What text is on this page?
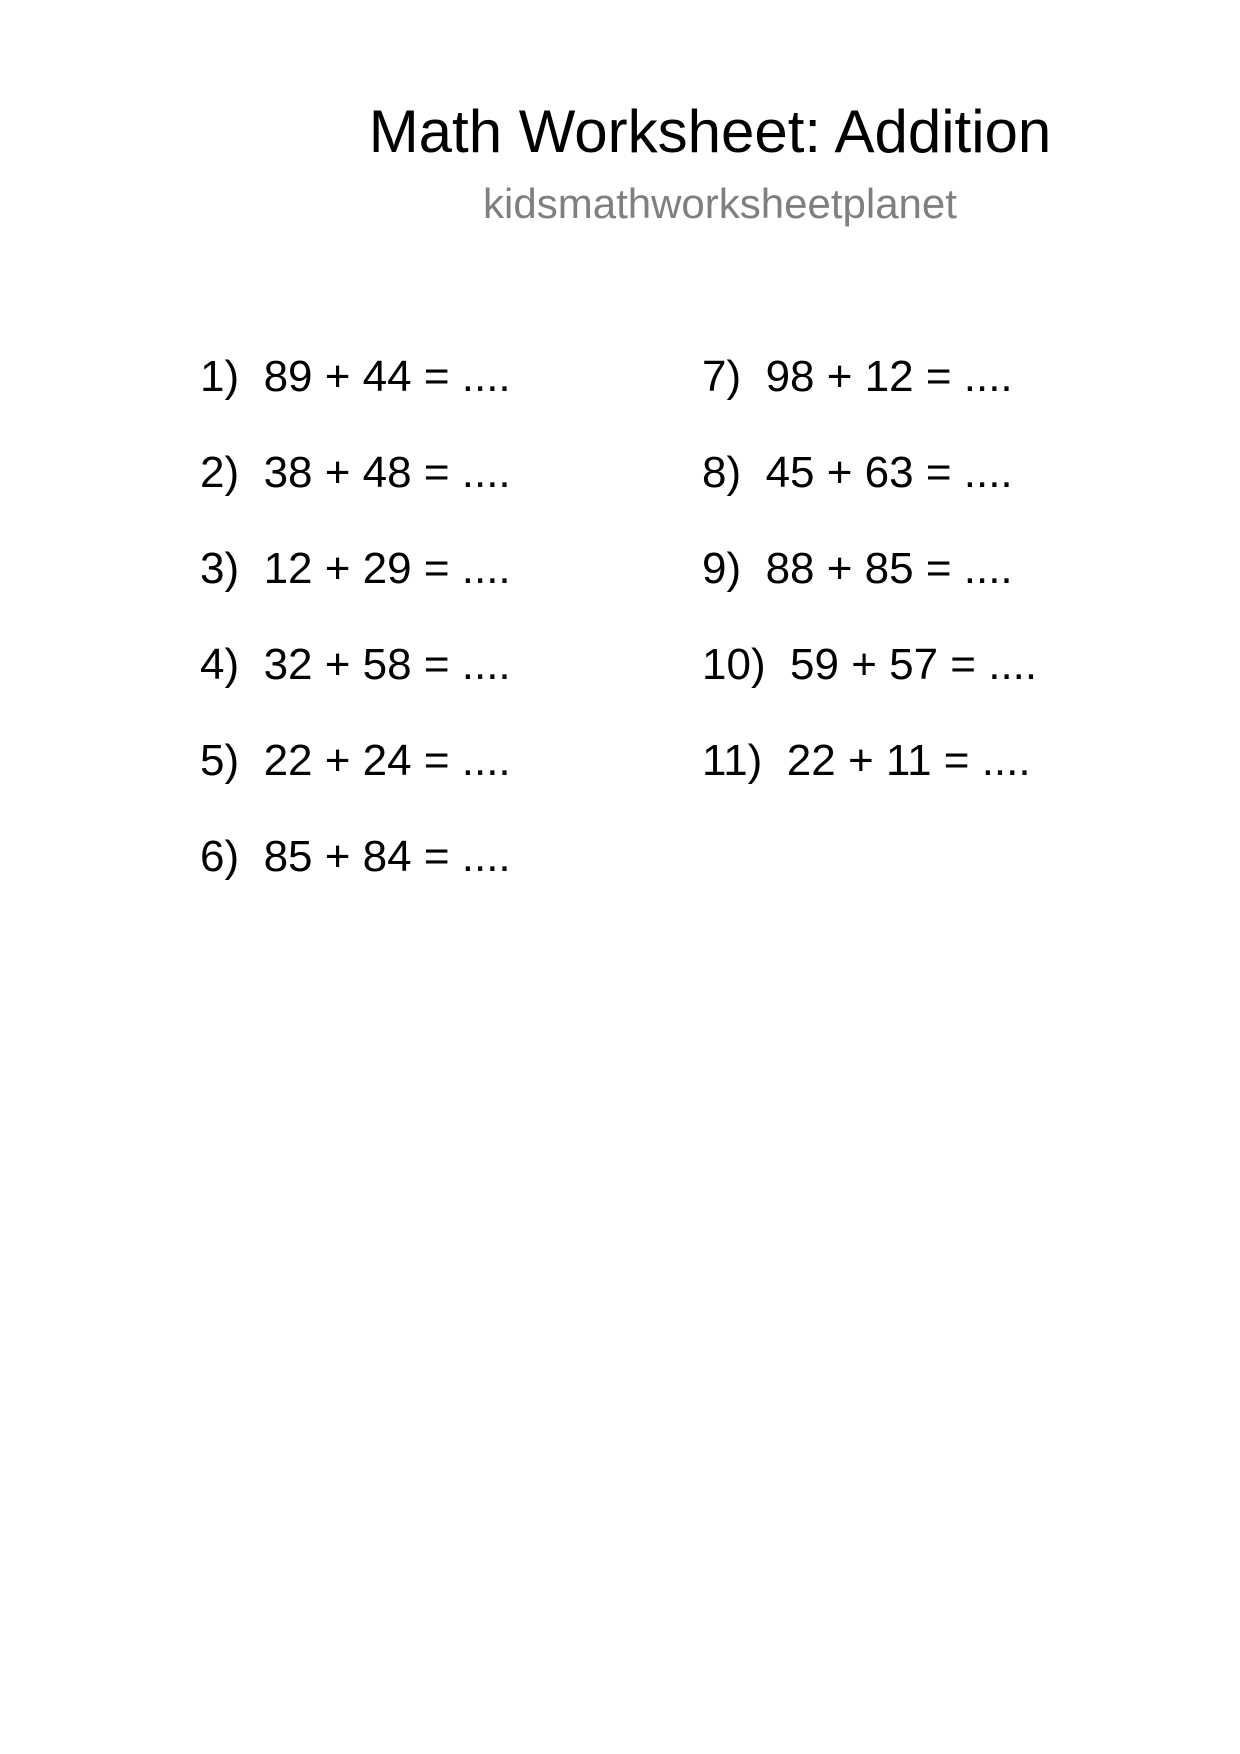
Math Worksheet: Addition
kidsmathworksheetplanet
1) 89 + 44 = ....
2) 38 + 48 = ....
3) 12 + 29 = ....
4) 32 + 58 = ....
5) 22 + 24 = ....
6) 85 + 84 = ....
7) 98 + 12 = ....
8) 45 + 63 = ....
9) 88 + 85 = ....
10) 59 + 57 = ....
11) 22 + 11 = ....
